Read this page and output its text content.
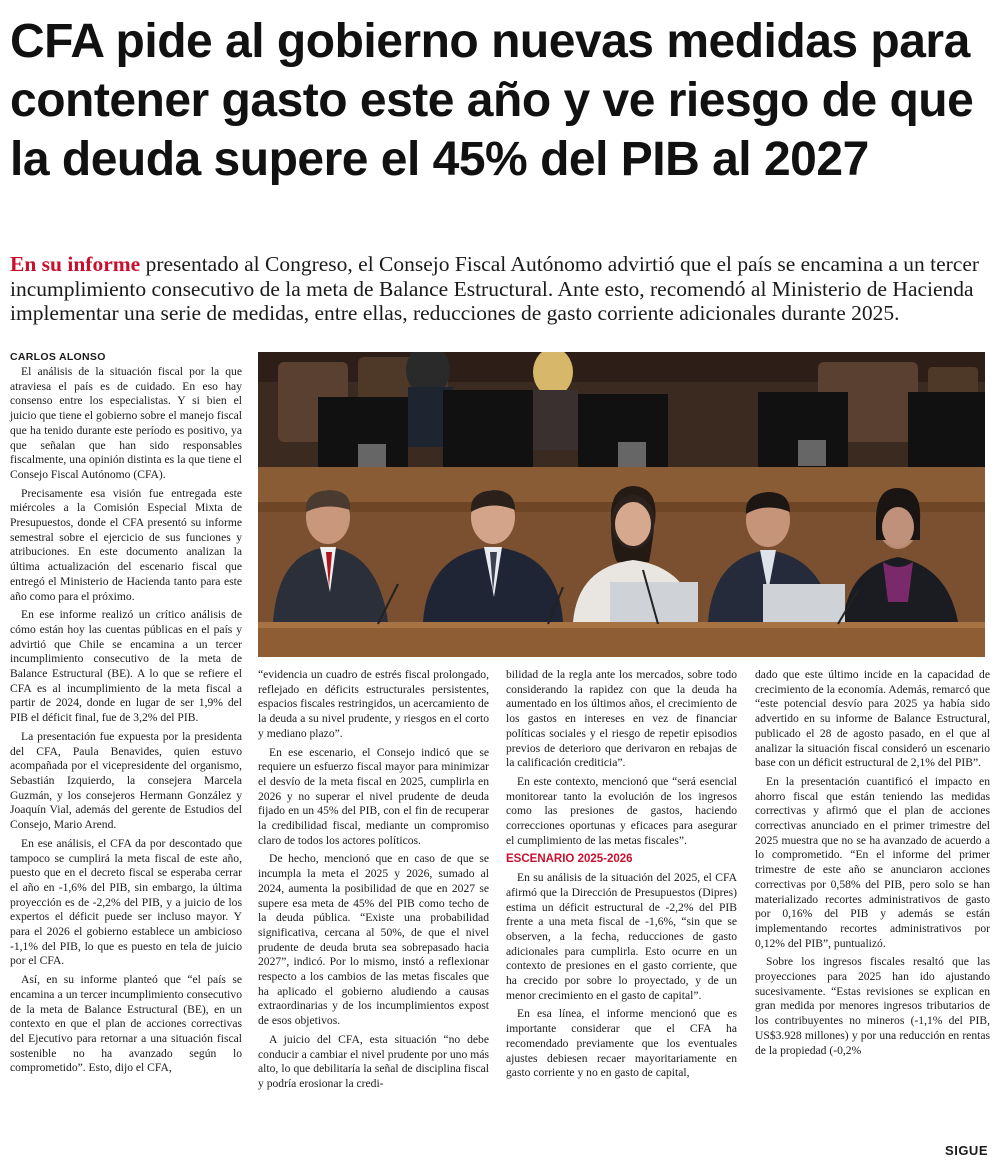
CFA pide al gobierno nuevas medidas para contener gasto este año y ve riesgo de que la deuda supere el 45% del PIB al 2027

En su informe presentado al Congreso, el Consejo Fiscal Autónomo advirtió que el país se encamina a un tercer incumplimiento consecutivo de la meta de Balance Estructural. Ante esto, recomendó al Ministerio de Hacienda implementar una serie de medidas, entre ellas, reducciones de gasto corriente adicionales durante 2025.

CARLOS ALONSO

El análisis de la situación fiscal por la que atraviesa el país es de cuidado. En eso hay consenso entre los especialistas. Y si bien el juicio que tiene el gobierno sobre el manejo fiscal que ha tenido durante este período es positivo, ya que señalan que han sido responsables fiscalmente, una opinión distinta es la que tiene el Consejo Fiscal Autónomo (CFA).

Precisamente esa visión fue entregada este miércoles a la Comisión Especial Mixta de Presupuestos, donde el CFA presentó su informe semestral sobre el ejercicio de sus funciones y atribuciones. En este documento analizan la última actualización del escenario fiscal que entregó el Ministerio de Hacienda tanto para este año como para el próximo.

En ese informe realizó un crítico análisis de cómo están hoy las cuentas públicas en el país y advirtió que Chile se encamina a un tercer incumplimiento consecutivo de la meta de Balance Estructural (BE). A lo que se refiere el CFA es al incumplimiento de la meta fiscal a partir de 2024, donde en lugar de ser 1,9% del PIB el déficit final, fue de 3,2% del PIB.

La presentación fue expuesta por la presidenta del CFA, Paula Benavides, quien estuvo acompañada por el vicepresidente del organismo, Sebastián Izquierdo, la consejera Marcela Guzmán, y los consejeros Hermann González y Joaquín Vial, además del gerente de Estudios del Consejo, Mario Arend.

En ese análisis, el CFA da por descontado que tampoco se cumplirá la meta fiscal de este año, puesto que en el decreto fiscal se esperaba cerrar el año en -1,6% del PIB, sin embargo, la última proyección es de -2,2% del PIB, y a juicio de los expertos el déficit puede ser incluso mayor. Y para el 2026 el gobierno establece un ambicioso -1,1% del PIB, lo que es puesto en tela de juicio por el CFA.

Así, en su informe planteó que “el país se encamina a un tercer incumplimiento consecutivo de la meta de Balance Estructural (BE), en un contexto en que el plan de acciones correctivas del Ejecutivo para retornar a una situación fiscal sostenible no ha avanzado según lo comprometido”. Esto, dijo el CFA,

“evidencia un cuadro de estrés fiscal prolongado, reflejado en déficits estructurales persistentes, espacios fiscales restringidos, un acercamiento de la deuda a su nivel prudente, y riesgos en el corto y mediano plazo”.

En ese escenario, el Consejo indicó que se requiere un esfuerzo fiscal mayor para minimizar el desvío de la meta fiscal en 2025, cumplirla en 2026 y no superar el nivel prudente de deuda fijado en un 45% del PIB, con el fin de recuperar la credibilidad fiscal, mediante un compromiso claro de todos los actores políticos.

De hecho, mencionó que en caso de que se incumpla la meta el 2025 y 2026, sumado al 2024, aumenta la posibilidad de que en 2027 se supere esa meta de 45% del PIB como techo de la deuda pública. “Existe una probabilidad significativa, cercana al 50%, de que el nivel prudente de deuda bruta sea sobrepasado hacia 2027”, indicó. Por lo mismo, instó a reflexionar respecto a los cambios de las metas fiscales que ha aplicado el gobierno aludiendo a causas extraordinarias y de los incumplimientos expost de esos objetivos.

A juicio del CFA, esta situación “no debe conducir a cambiar el nivel prudente por uno más alto, lo que debilitaría la señal de disciplina fiscal y podría erosionar la credi-

bilidad de la regla ante los mercados, sobre todo considerando la rapidez con que la deuda ha aumentado en los últimos años, el crecimiento de los gastos en intereses en vez de financiar políticas sociales y el riesgo de repetir episodios previos de deterioro que derivaron en rebajas de la calificación crediticia”.

En este contexto, mencionó que “será esencial monitorear tanto la evolución de los ingresos como las presiones de gastos, haciendo correcciones oportunas y eficaces para asegurar el cumplimiento de las metas fiscales”.

ESCENARIO 2025-2026

En su análisis de la situación del 2025, el CFA afirmó que la Dirección de Presupuestos (Dipres) estima un déficit estructural de -2,2% del PIB frente a una meta fiscal de -1,6%, “sin que se observen, a la fecha, reducciones de gasto adicionales para cumplirla. Esto ocurre en un contexto de presiones en el gasto corriente, que ha crecido por sobre lo proyectado, y de un menor crecimiento en el gasto de capital”.

En esa línea, el informe mencionó que es importante considerar que el CFA ha recomendado previamente que los eventuales ajustes debiesen recaer mayoritariamente en gasto corriente y no en gasto de capital,

dado que este último incide en la capacidad de crecimiento de la economía. Además, remarcó que “este potencial desvío para 2025 ya había sido advertido en su informe de Balance Estructural, publicado el 28 de agosto pasado, en el que al analizar la situación fiscal consideró un escenario base con un déficit estructural de 2,1% del PIB”.

En la presentación cuantificó el impacto en ahorro fiscal que están teniendo las medidas correctivas y afirmó que el plan de acciones correctivas anunciado en el primer trimestre del 2025 muestra que no se ha avanzado de acuerdo a lo comprometido. “En el informe del primer trimestre de este año se anunciaron acciones correctivas por 0,58% del PIB, pero solo se han materializado recortes administrativos de gasto por 0,16% del PIB y además se están implementando recortes administrativos por 0,12% del PIB”, puntualizó.

Sobre los ingresos fiscales resaltó que las proyecciones para 2025 han ido ajustando sucesivamente. “Estas revisiones se explican en gran medida por menores ingresos tributarios de los contribuyentes no mineros (-1,1% del PIB, US$3.928 millones) y por una reducción en rentas de la propiedad (-0,2%

SIGUE
